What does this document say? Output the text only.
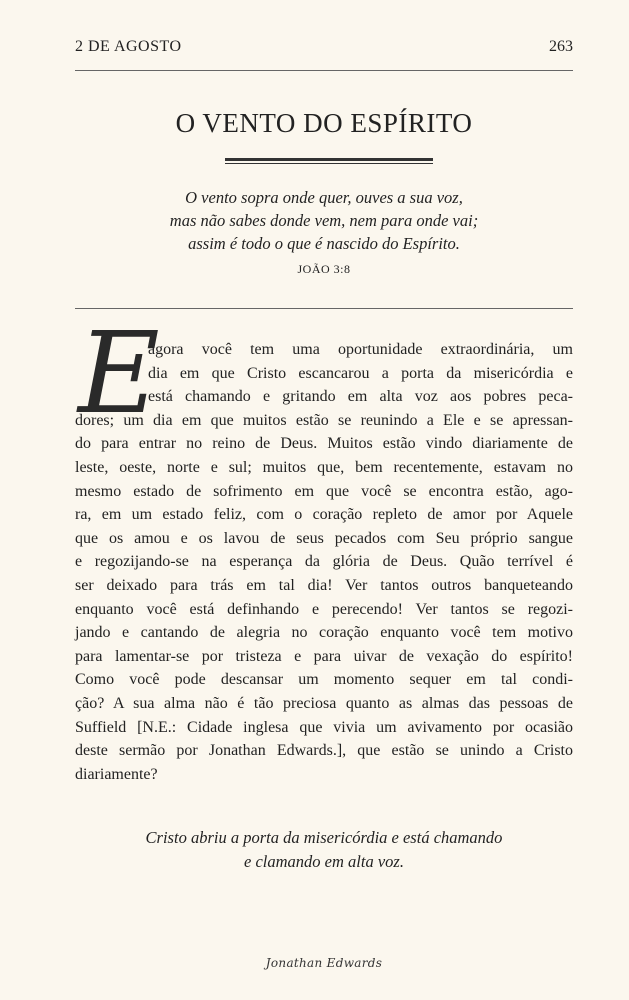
2 DE AGOSTO	263
O VENTO DO ESPÍRITO
O vento sopra onde quer, ouves a sua voz,
mas não sabes donde vem, nem para onde vai;
assim é todo o que é nascido do Espírito.
JOÃO 3:8
E
agora você tem uma oportunidade extraordinária, um
dia em que Cristo escancarou a porta da misericórdia e
está chamando e gritando em alta voz aos pobres peca-
dores; um dia em que muitos estão se reunindo a Ele e se apressan-
do para entrar no reino de Deus. Muitos estão vindo diariamente de
leste, oeste, norte e sul; muitos que, bem recentemente, estavam no
mesmo estado de sofrimento em que você se encontra estão, ago-
ra, em um estado feliz, com o coração repleto de amor por Aquele
que os amou e os lavou de seus pecados com Seu próprio sangue
e regozijando-se na esperança da glória de Deus. Quão terrível é
ser deixado para trás em tal dia! Ver tantos outros banqueteando
enquanto você está definhando e perecendo! Ver tantos se regozi-
jando e cantando de alegria no coração enquanto você tem motivo
para lamentar-se por tristeza e para uivar de vexação do espírito!
Como você pode descansar um momento sequer em tal condi-
ção? A sua alma não é tão preciosa quanto as almas das pessoas de
Suffield [N.E.: Cidade inglesa que vivia um avivamento por ocasião
deste sermão por Jonathan Edwards.], que estão se unindo a Cristo
diariamente?
Cristo abriu a porta da misericórdia e está chamando
e clamando em alta voz.
Jonathan Edwards
